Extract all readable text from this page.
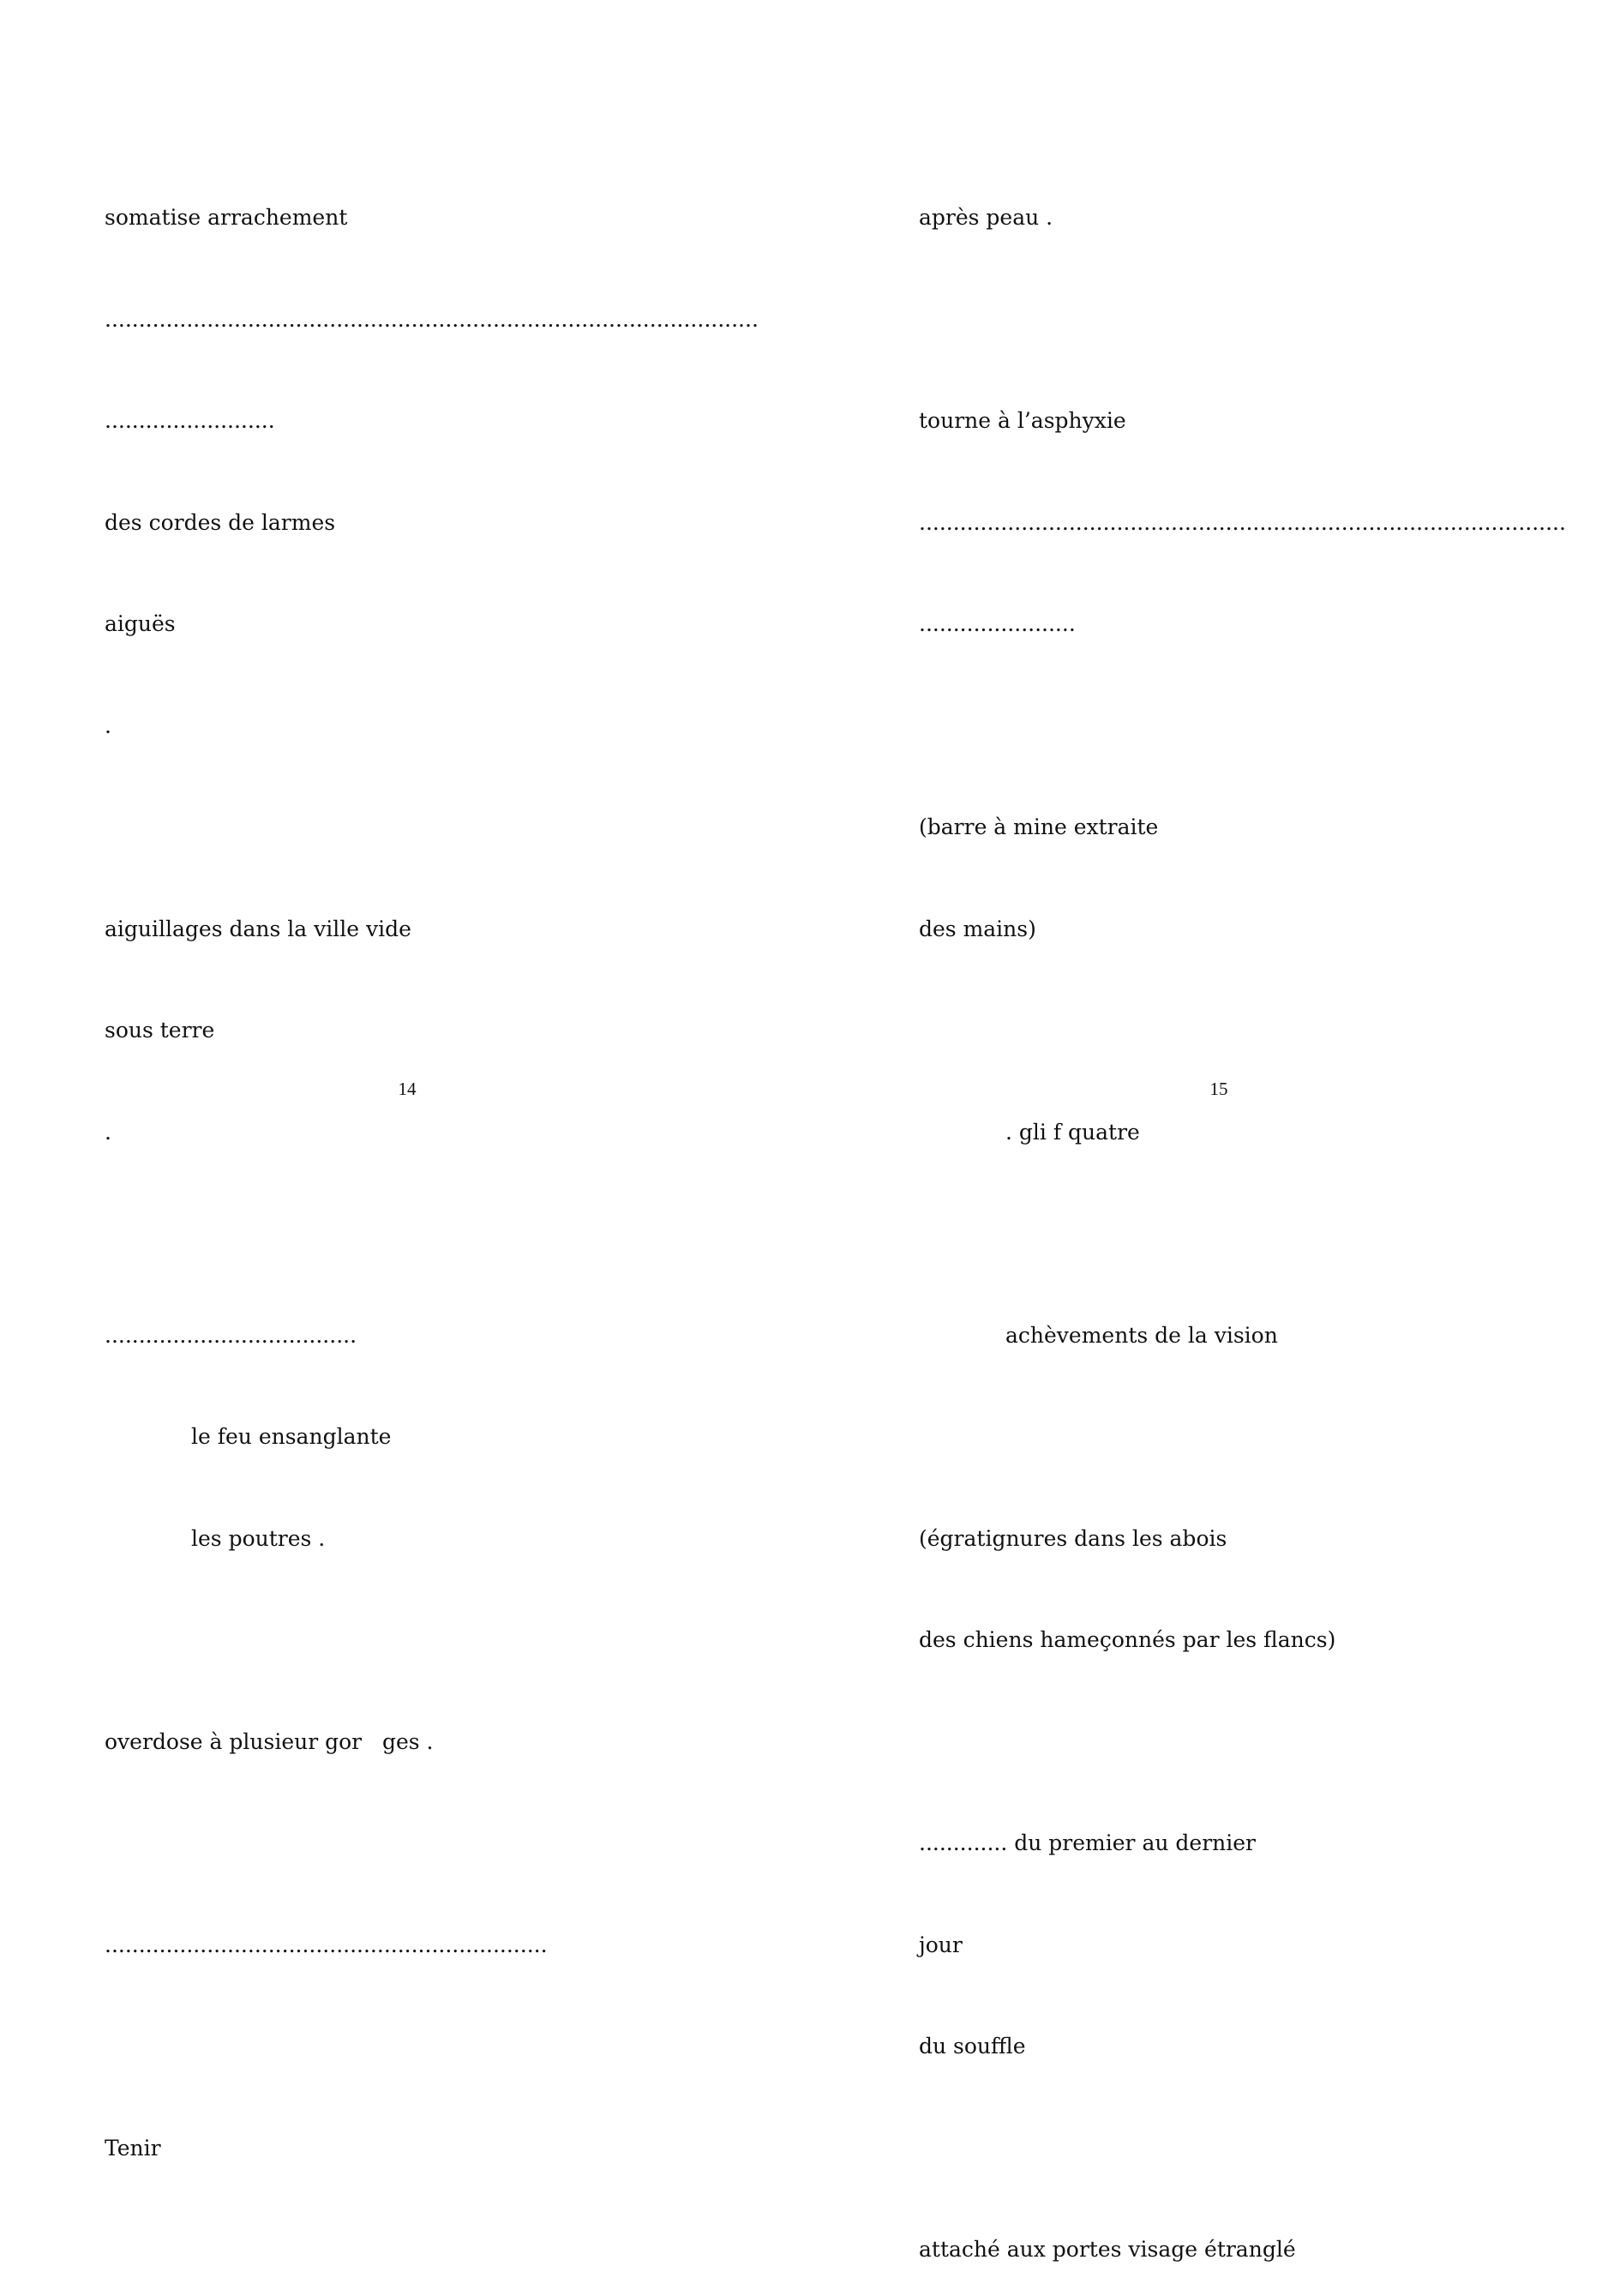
somatise arrachement

................................................................................................

.........................

des cordes de larmes

aiguës

.

aiguillages dans la ville vide

sous terre

.

.....................................

le feu ensanglante

les poutres .

overdose à plusieur gor   ges .

.................................................................

Tenir

14

après peau .

tourne à l’asphyxie

...............................................................................................

.......................

(barre à mine extraite

des mains)

. gli f quatre

achèvements de la vision

(égratignures dans les abois

des chiens hameçonnés par les flancs)

............. du premier au dernier

jour

du souffle

attaché aux portes visage étranglé

15
